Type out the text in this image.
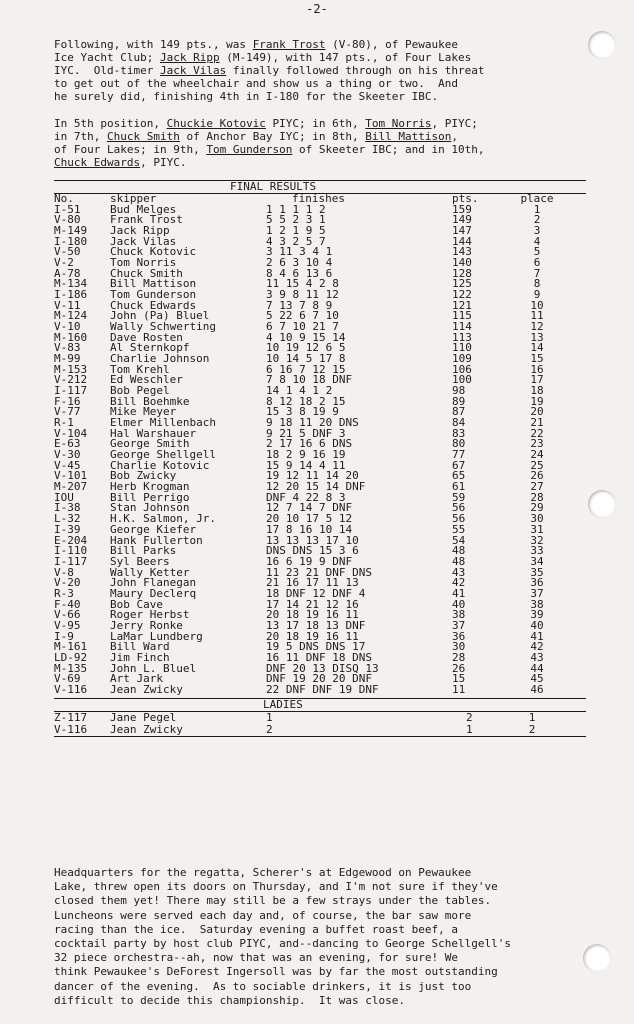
-2-
Following, with 149 pts., was Frank Trost (V-80), of Pewaukee
Ice Yacht Club; Jack Ripp (M-149), with 147 pts., of Four Lakes
IYC.  Old-timer Jack Vilas finally followed through on his threat
to get out of the wheelchair and show us a thing or two.  And
he surely did, finishing 4th in I-180 for the Skeeter IBC.
In 5th position, Chuckie Kotovic PIYC; in 6th, Tom Norris, PIYC;
in 7th, Chuck Smith of Anchor Bay IYC; in 8th, Bill Mattison,
of Four Lakes; in 9th, Tom Gunderson of Skeeter IBC; and in 10th,
Chuck Edwards, PIYC.
FINAL RESULTS
No.	skipper	finishes	pts.	place
I-51	Bud Melges	1 1 1 1 2	159	1
V-80	Frank Trost	5 5 2 3 1	149	2
M-149 Jack Ripp	1 2 1 9 5	147	3
I-180 Jack Vilas	4 3 2 5 7	144	4
V-50	Chuck Kotovic	3 11 3 4 1	143	5
V-2	Tom Norris	2 6 3 10 4	140	6
A-78	Chuck Smith	8 4 6 13 6	128	7
M-134 Bill Mattison	11 15 4 2 8	125	8
I-186 Tom Gunderson	3 9 8 11 12	122	9
V-11	Chuck Edwards	7 13 7 8 9	121	10
M-124 John (Pa) Bluel	5 22 6 7 10	115	11
V-10	Wally Schwerting	6 7 10 21 7	114	12
M-160 Dave Rosten	4 10 9 15 14	113	13
V-83	Al Sternkopf	10 19 12 6 5	110	14
M-99	Charlie Johnson	10 14 5 17 8	109	15
M-153 Tom Krehl	6 16 7 12 15	106	16
V-212 Ed Weschler	7 8 10 18 DNF	100	17
I-117 Bob Pegel	14 1 4 1 2	98	18
F-16	Bill Boehmke	8 12 18 2 15	89	19
V-77	Mike Meyer	15 3 8 19 9	87	20
R-1	Elmer Millenbach	9 18 11 20 DNS	84	21
V-104 Hal Warshauer	9 21 5 DNF 3	83	22
E-63	George Smith	2 17 16 6 DNS	80	23
V-30	George Shellgell	18 2 9 16 19	77	24
V-45	Charlie Kotovic	15 9 14 4 11	67	25
V-101 Bob Zwicky	19 12 11 14 20	65	26
M-207 Herb Krogman	12 20 15 14 DNF	61	27
IOU	Bill Perrigo	DNF 4 22 8 3	59	28
I-38	Stan Johnson	12 7 14 7 DNF	56	29
L-32	H.K. Salmon, Jr.	20 10 17 5 12	56	30
I-39	George Kiefer	17 8 16 10 14	55	31
E-204 Hank Fullerton	13 13 13 17 10	54	32
I-110 Bill Parks	DNS DNS 15 3 6	48	33
I-117 Syl Beers	16 6 19 9 DNF	48	34
V-8	Wally Ketter	11 23 21 DNF DNS	43	35
V-20	John Flanegan	21 16 17 11 13	42	36
R-3	Maury Declerq	18 DNF 12 DNF 4	41	37
F-40	Bob Cave	17 14 21 12 16	40	38
V-66	Roger Herbst	20 18 19 16 11	38	39
V-95	Jerry Ronke	13 17 18 13 DNF	37	40
I-9	LaMar Lundberg	20 18 19 16 11	36	41
M-161 Bill Ward	19 5 DNS DNS 17	30	42
LD-92 Jim Finch	16 11 DNF 18 DNS	28	43
M-135 John L. Bluel	DNF 20 13 DISQ 13	26	44
V-69	Art Jark	DNF 19 20 20 DNF	15	45
V-116 Jean Zwicky	22 DNF DNF 19 DNF	11	46
LADIES
Z-117 Jane Pegel	1	2	1
V-116 Jean Zwicky	2	1	2
Headquarters for the regatta, Scherer's at Edgewood on Pewaukee
Lake, threw open its doors on Thursday, and I'm not sure if they've
closed them yet! There may still be a few strays under the tables.
Luncheons were served each day and, of course, the bar saw more
racing than the ice.  Saturday evening a buffet roast beef, a
cocktail party by host club PIYC, and--dancing to George Schellgell's
32 piece orchestra--ah, now that was an evening, for sure! We
think Pewaukee's DeForest Ingersoll was by far the most outstanding
dancer of the evening.  As to sociable drinkers, it is just too
difficult to decide this championship.  It was close.
